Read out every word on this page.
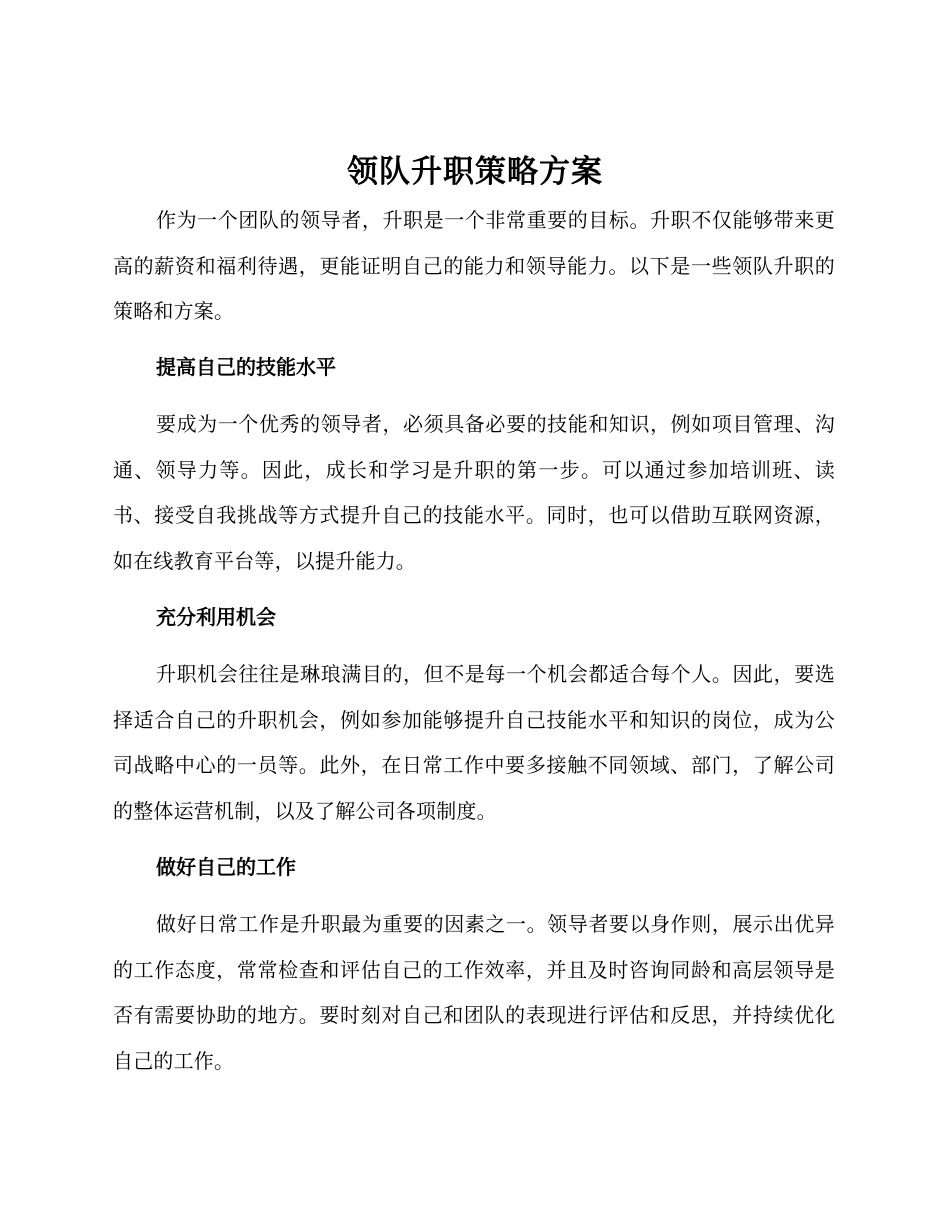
领队升职策略方案

作为一个团队的领导者，升职是一个非常重要的目标。升职不仅能够带来更高的薪资和福利待遇，更能证明自己的能力和领导能力。以下是一些领队升职的策略和方案。

提高自己的技能水平

要成为一个优秀的领导者，必须具备必要的技能和知识，例如项目管理、沟通、领导力等。因此，成长和学习是升职的第一步。可以通过参加培训班、读书、接受自我挑战等方式提升自己的技能水平。同时，也可以借助互联网资源，如在线教育平台等，以提升能力。

充分利用机会

升职机会往往是琳琅满目的，但不是每一个机会都适合每个人。因此，要选择适合自己的升职机会，例如参加能够提升自己技能水平和知识的岗位，成为公司战略中心的一员等。此外，在日常工作中要多接触不同领域、部门，了解公司的整体运营机制，以及了解公司各项制度。

做好自己的工作

做好日常工作是升职最为重要的因素之一。领导者要以身作则，展示出优异的工作态度，常常检查和评估自己的工作效率，并且及时咨询同龄和高层领导是否有需要协助的地方。要时刻对自己和团队的表现进行评估和反思，并持续优化自己的工作。
